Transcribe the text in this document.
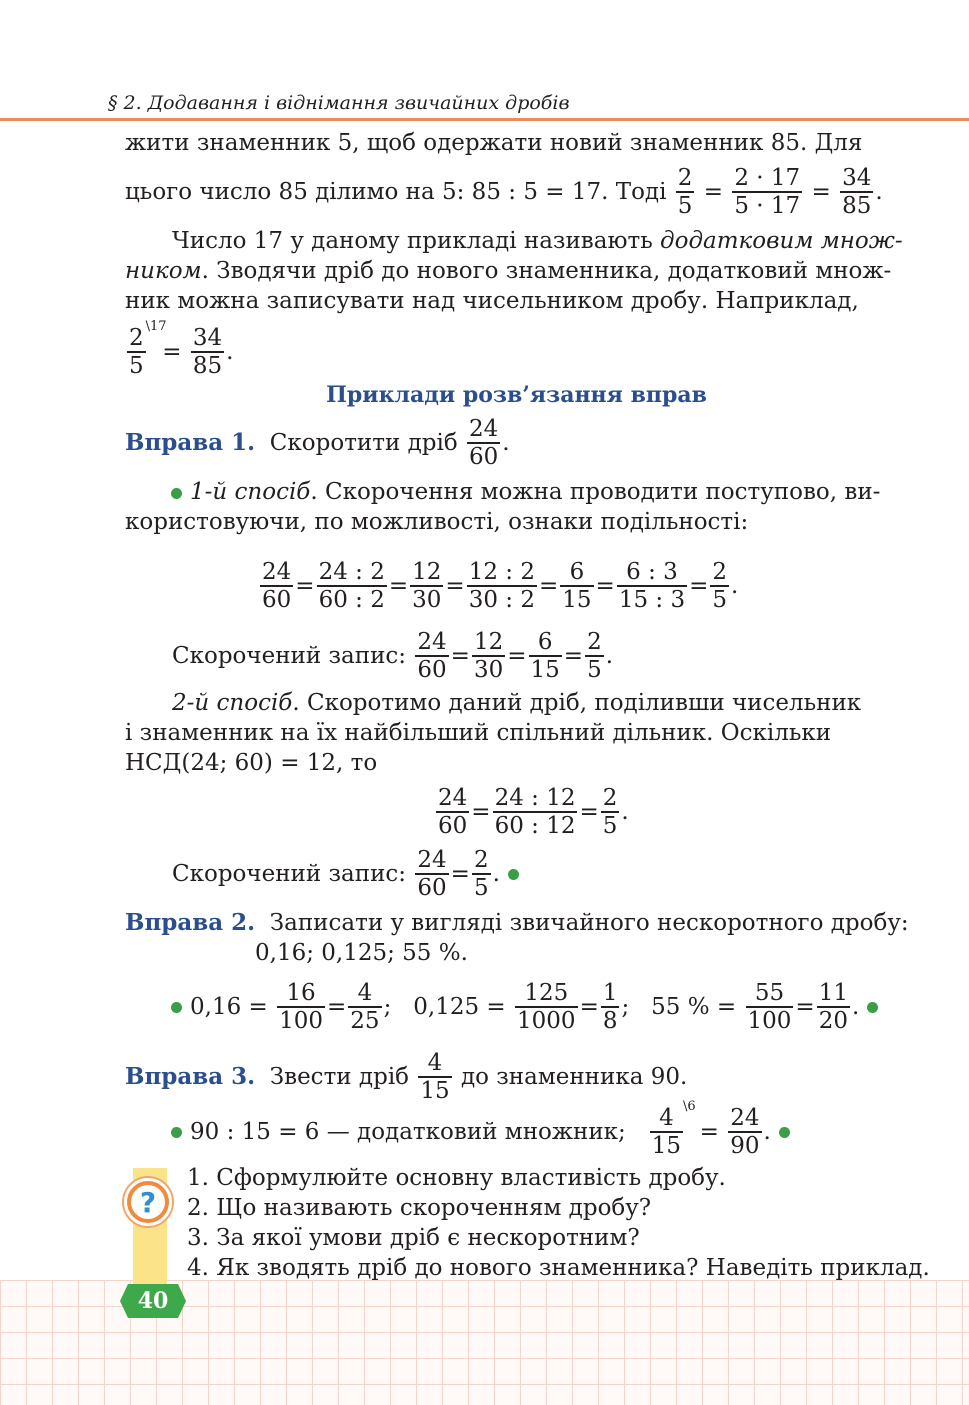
§ 2. Додавання і віднімання звичайних дробів
жити знаменник 5, щоб одержати новий знаменник 85. Для
цього число 85 ділимо на 5: 85 : 5 = 17. Тоді
$\frac{2}{5} = \frac{2 \cdot 17}{5 \cdot 17} = \frac{34}{85}$ .
Число 17 у даному прикладі називають додатковим множ-
ником. Зводячи дріб до нового знаменника, додатковий множ-
ник можна записувати над чисельником дробу. Наприклад,
2
5
\17
= $\frac{34}{85}$ .
Приклади розв’язання вправ
Вправа 1.
Скоротити дріб
$\frac{24}{60}$ .
1-й спосіб. Скорочення можна проводити поступово, ви-
користовуючи, по можливості, ознаки подільності:
$\frac{24}{60} = \frac{24 : 2}{60 : 2} = \frac{12}{30} = \frac{12 : 2}{30 : 2} = \frac{6}{15} = \frac{6 : 3}{15 : 3} = \frac{2}{5}$ .
Скорочений запис:
$\frac{24}{60} = \frac{12}{30} = \frac{6}{15} = \frac{2}{5}$ .
2-й спосіб. Скоротимо даний дріб, поділивши чисельник
і знаменник на їх найбільший спільний дільник. Оскільки
НСД(24; 60) = 12, то
$\frac{24}{60} = \frac{24 : 12}{60 : 12} = \frac{2}{5}$ .
Скорочений запис:
$\frac{24}{60} = \frac{2}{5}$ .
Вправа 2. Записати у вигляді звичайного нескоротного дробу:
0,16; 0,125; 55 %.
0,16 =
$\frac{16}{100} = \frac{4}{25}$ ; 0,125 =
$\frac{125}{1000} = \frac{1}{8}$ ; 55 % =
$\frac{55}{100} = \frac{11}{20}$ .
Вправа 3.
Звести дріб
$\frac{4}{15}$
до знаменника 90.
90 : 15 = 6 — додатковий множник;

4
15
\6
= $\frac{24}{90}$ .
?
1. Сформулюйте основну властивість дробу.
2. Що називають скороченням дробу?
3. За якої умови дріб є нескоротним?
4. Як зводять дріб до нового знаменника? Наведіть приклад.
40
